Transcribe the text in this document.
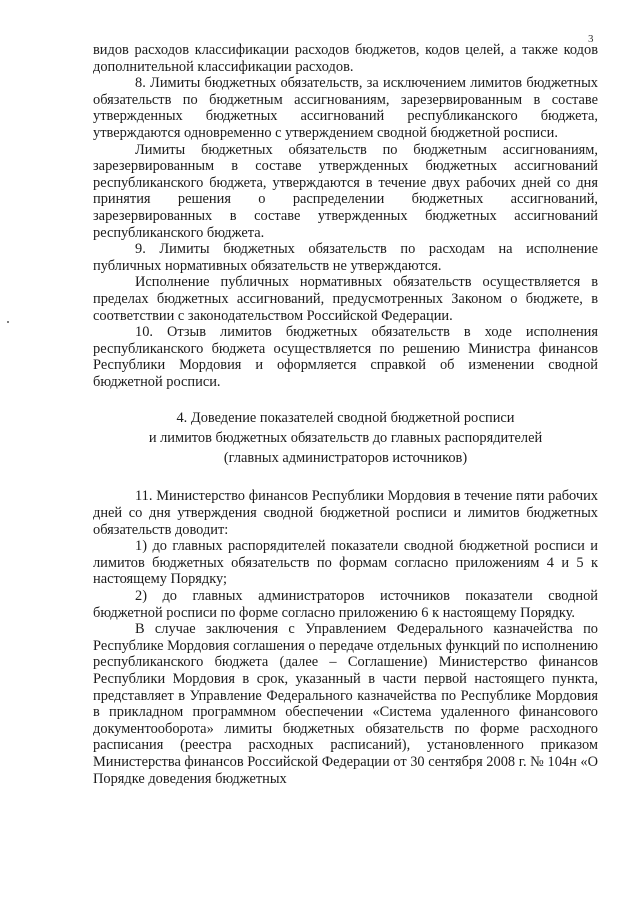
3

видов расходов классификации расходов бюджетов, кодов целей, а также кодов дополнительной классификации расходов.

8. Лимиты бюджетных обязательств, за исключением лимитов бюджетных обязательств по бюджетным ассигнованиям, зарезервированным в составе утвержденных бюджетных ассигнований республиканского бюджета, утверждаются одновременно с утверждением сводной бюджетной росписи.

Лимиты бюджетных обязательств по бюджетным ассигнованиям, зарезервированным в составе утвержденных бюджетных ассигнований республиканского бюджета, утверждаются в течение двух рабочих дней со дня принятия решения о распределении бюджетных ассигнований, зарезервированных в составе утвержденных бюджетных ассигнований республиканского бюджета.

9. Лимиты бюджетных обязательств по расходам на исполнение публичных нормативных обязательств не утверждаются.

Исполнение публичных нормативных обязательств осуществляется в пределах бюджетных ассигнований, предусмотренных Законом о бюджете, в соответствии с законодательством Российской Федерации.

10. Отзыв лимитов бюджетных обязательств в ходе исполнения республиканского бюджета осуществляется по решению Министра финансов Республики Мордовия и оформляется справкой об изменении сводной бюджетной росписи.

4. Доведение показателей сводной бюджетной росписи
и лимитов бюджетных обязательств до главных распорядителей
(главных администраторов источников)

11. Министерство финансов Республики Мордовия в течение пяти рабочих дней со дня утверждения сводной бюджетной росписи и лимитов бюджетных обязательств доводит:

1) до главных распорядителей показатели сводной бюджетной росписи и лимитов бюджетных обязательств по формам согласно приложениям 4 и 5 к настоящему Порядку;

2) до главных администраторов источников показатели сводной бюджетной росписи по форме согласно приложению 6 к настоящему Порядку.

В случае заключения с Управлением Федерального казначейства по Республике Мордовия соглашения о передаче отдельных функций по исполнению республиканского бюджета (далее – Соглашение) Министерство финансов Республики Мордовия в срок, указанный в части первой настоящего пункта, представляет в Управление Федерального казначейства по Республике Мордовия в прикладном программном обеспечении «Система удаленного финансового документооборота» лимиты бюджетных обязательств по форме расходного расписания (реестра расходных расписаний), установленного приказом Министерства финансов Российской Федерации от 30 сентября 2008 г. № 104н «О Порядке доведения бюджетных
